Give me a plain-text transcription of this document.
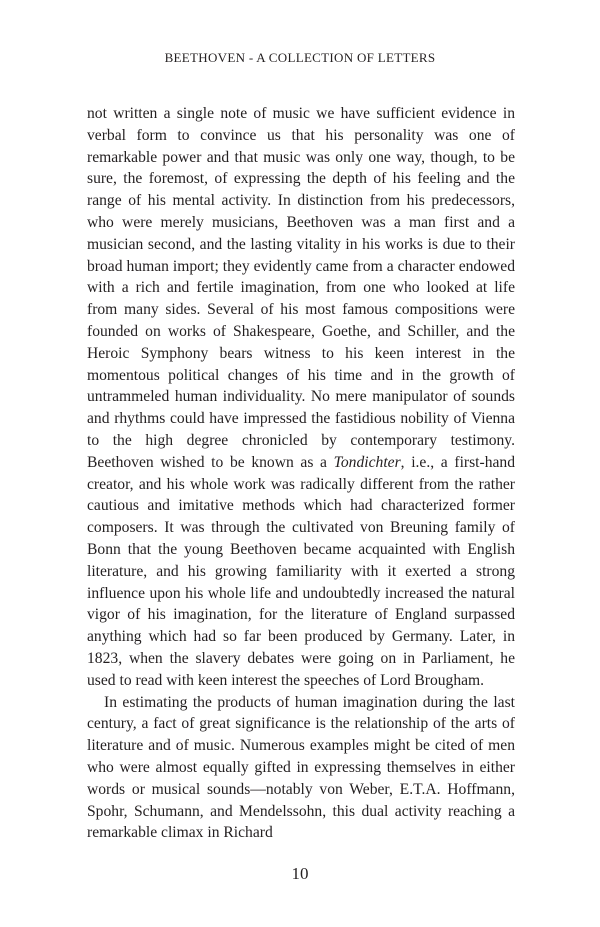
BEETHOVEN - A COLLECTION OF LETTERS

not written a single note of music we have sufficient evidence in verbal form to convince us that his personality was one of remarkable power and that music was only one way, though, to be sure, the foremost, of expressing the depth of his feeling and the range of his mental activity. In distinction from his predecessors, who were merely musicians, Beethoven was a man first and a musician second, and the lasting vitality in his works is due to their broad human import; they evidently came from a character endowed with a rich and fertile imagination, from one who looked at life from many sides. Several of his most famous compositions were founded on works of Shakespeare, Goethe, and Schiller, and the Heroic Symphony bears witness to his keen interest in the momentous political changes of his time and in the growth of untrammeled human individuality. No mere manipulator of sounds and rhythms could have impressed the fastidious nobility of Vienna to the high degree chronicled by contemporary testimony. Beethoven wished to be known as a Tondichter, i.e., a first-hand creator, and his whole work was radically different from the rather cautious and imitative methods which had characterized former composers. It was through the cultivated von Breuning family of Bonn that the young Beethoven became acquainted with English literature, and his growing familiarity with it exerted a strong influence upon his whole life and undoubtedly increased the natural vigor of his imagination, for the literature of England surpassed anything which had so far been produced by Germany. Later, in 1823, when the slavery debates were going on in Parliament, he used to read with keen interest the speeches of Lord Brougham.

In estimating the products of human imagination during the last century, a fact of great significance is the relationship of the arts of literature and of music. Numerous examples might be cited of men who were almost equally gifted in expressing themselves in either words or musical sounds—notably von Weber, E.T.A. Hoffmann, Spohr, Schumann, and Mendelssohn, this dual activity reaching a remarkable climax in Richard

10
